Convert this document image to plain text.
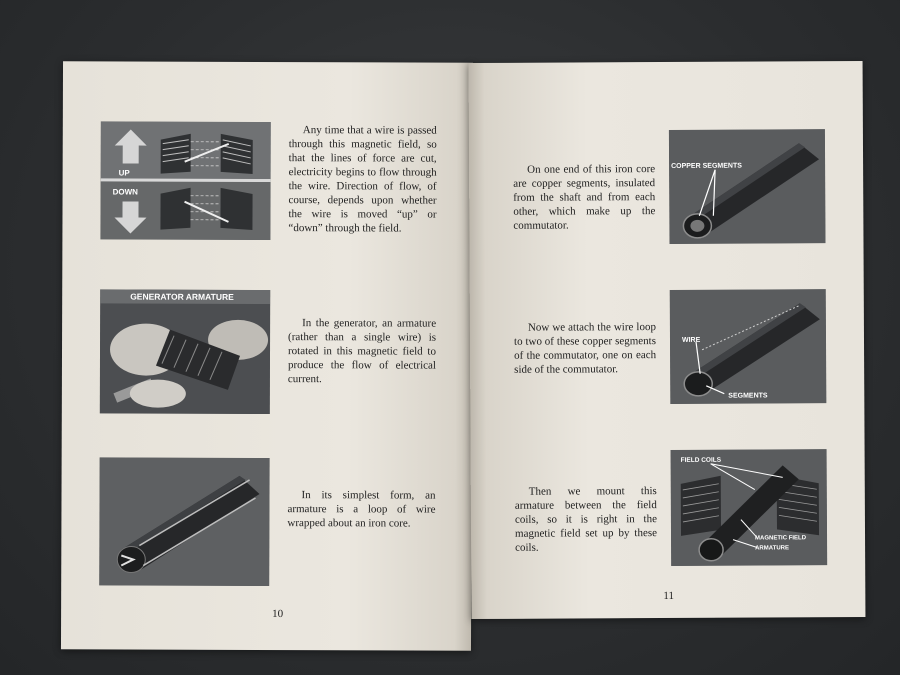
UP
DOWN

Any time that a wire is passed through this magnetic field, so that the lines of force are cut, electricity begins to flow through the wire. Direction of flow, of course, depends upon whether the wire is moved “up” or “down” through the field.

GENERATOR ARMATURE

In the generator, an armature (rather than a single wire) is rotated in this magnetic field to produce the flow of electrical current.

In its simplest form, an armature is a loop of wire wrapped about an iron core.

10

On one end of this iron core are copper segments, insulated from the shaft and from each other, which make up the commutator.

COPPER SEGMENTS

Now we attach the wire loop to two of these copper segments of the commutator, one on each side of the commutator.

WIRE
SEGMENTS

Then we mount this armature between the field coils, so it is right in the magnetic field set up by these coils.

FIELD COILS
MAGNETIC FIELD
ARMATURE
11
